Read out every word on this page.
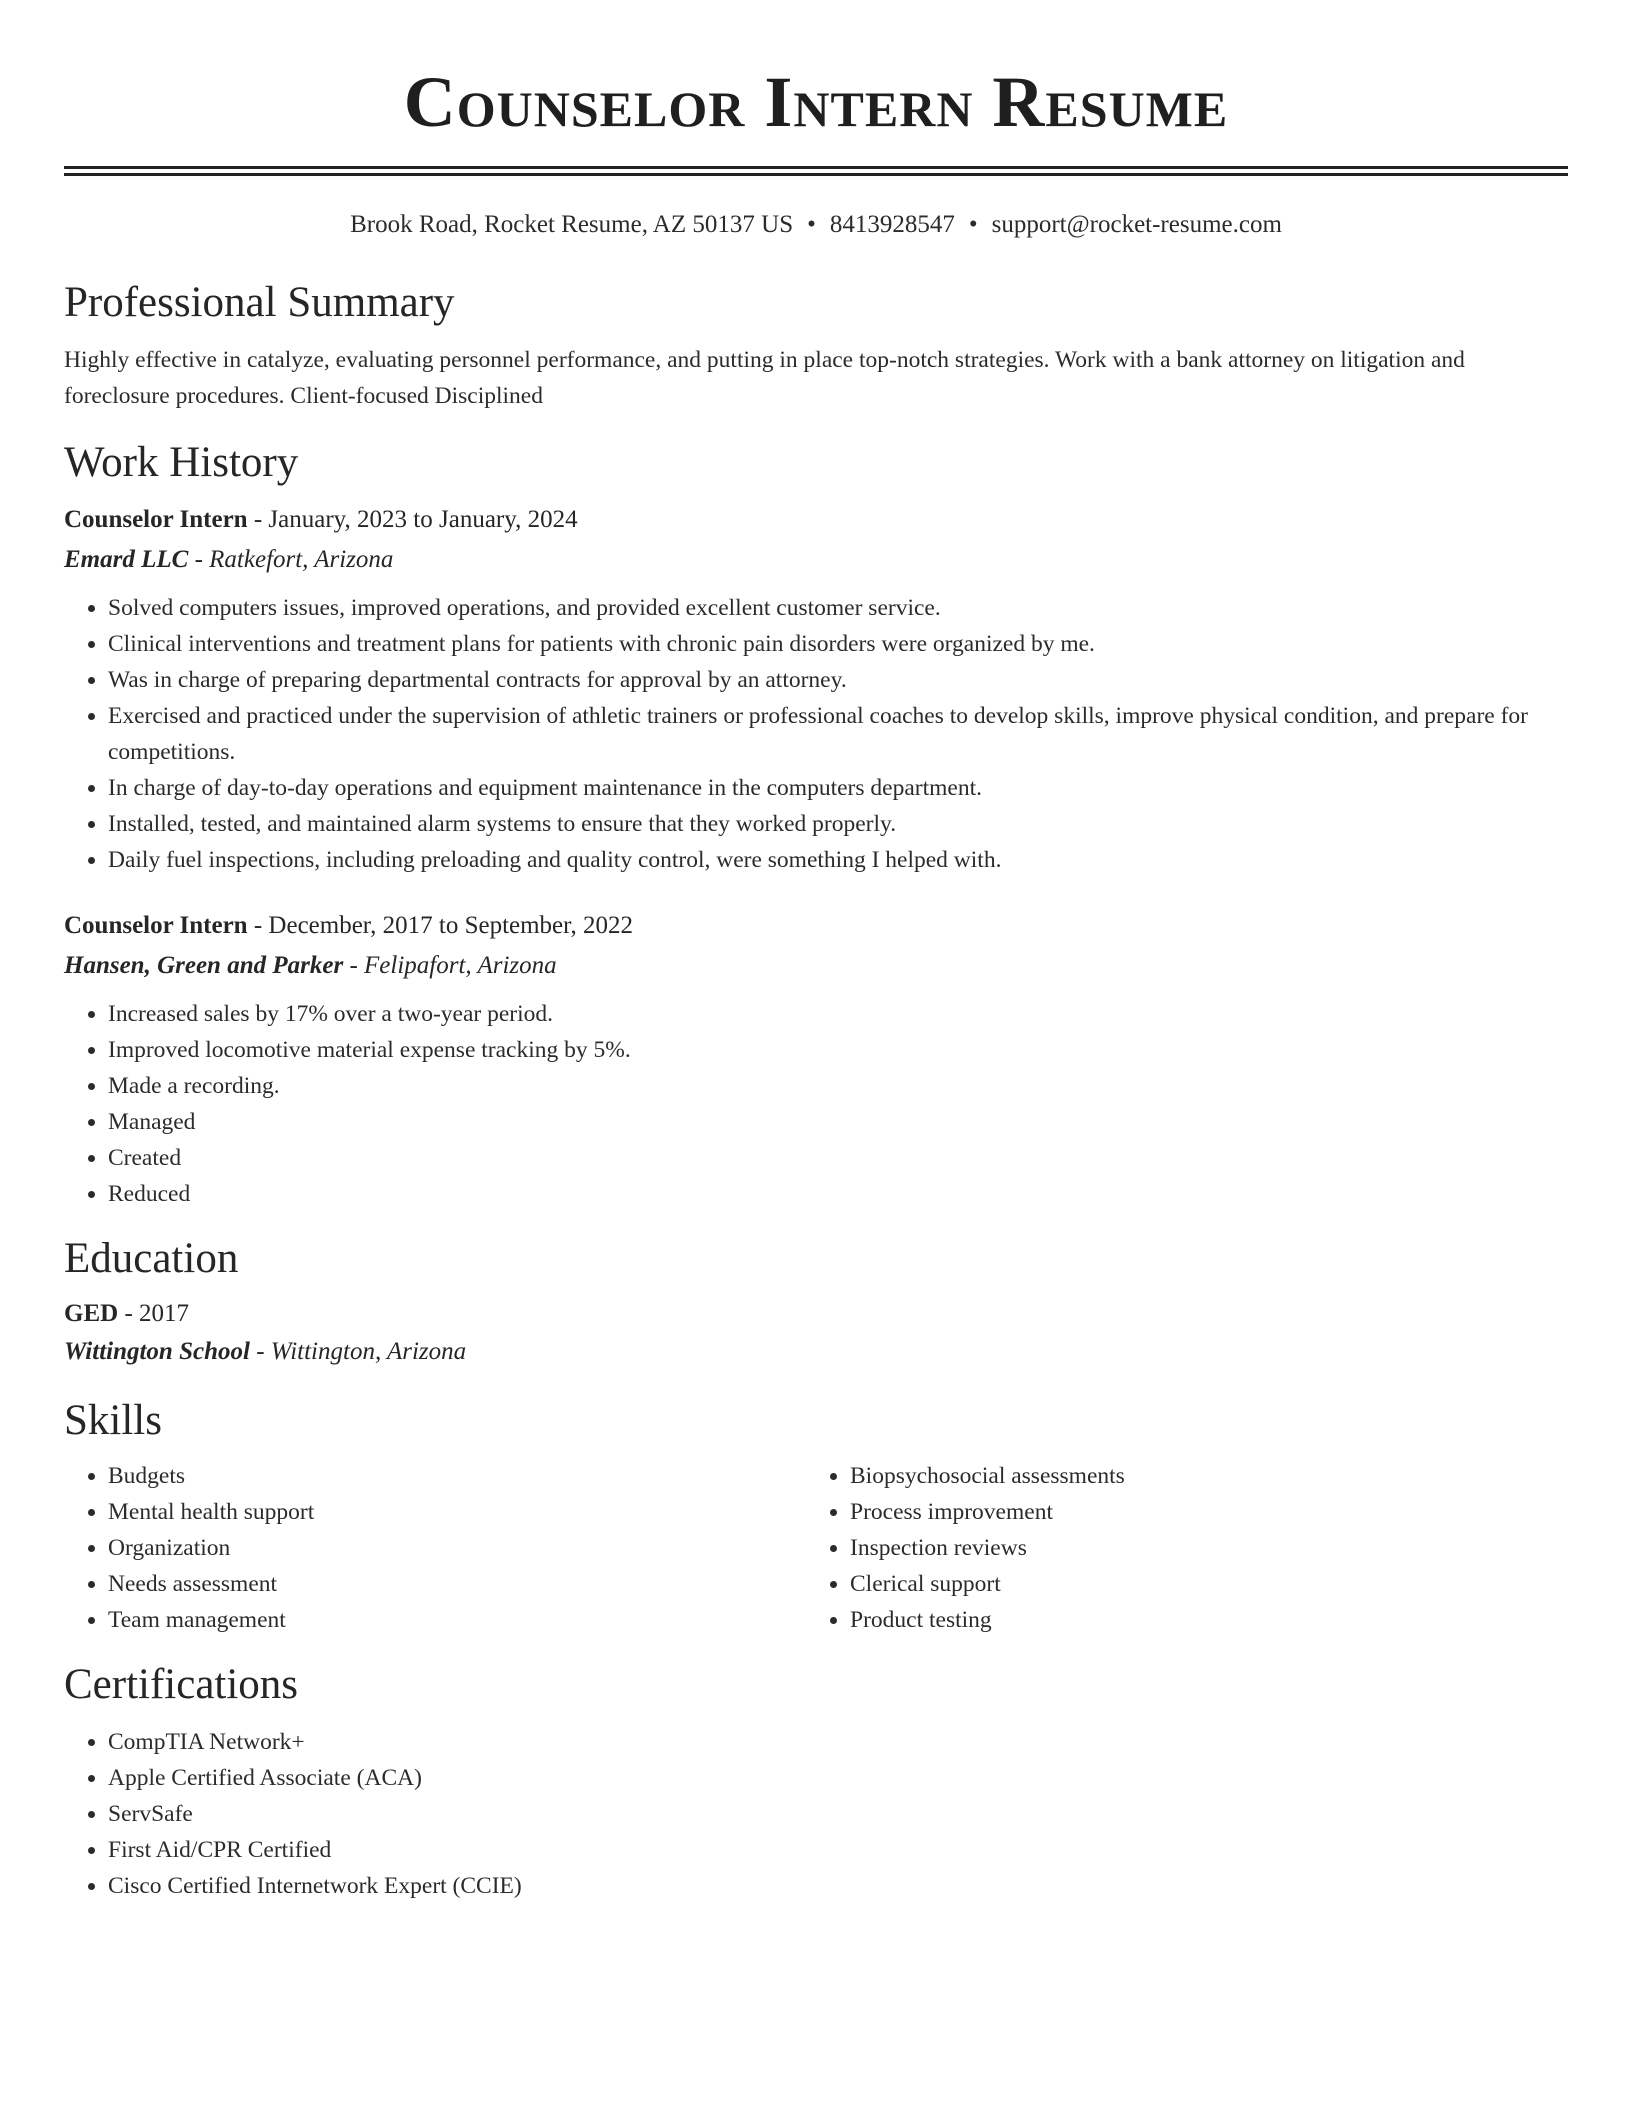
Counselor Intern Resume
Brook Road, Rocket Resume, AZ 50137 US • 8413928547 • support@rocket-resume.com
Professional Summary

Highly effective in catalyze, evaluating personnel performance, and putting in place top-notch strategies. Work with a bank attorney on litigation and foreclosure procedures. Client-focused Disciplined

Work History

Counselor Intern - January, 2023 to January, 2024

Emard LLC - Ratkefort, Arizona

• Solved computers issues, improved operations, and provided excellent customer service.
• Clinical interventions and treatment plans for patients with chronic pain disorders were organized by me.
• Was in charge of preparing departmental contracts for approval by an attorney.
• Exercised and practiced under the supervision of athletic trainers or professional coaches to develop skills, improve physical condition, and prepare for competitions.
• In charge of day-to-day operations and equipment maintenance in the computers department.
• Installed, tested, and maintained alarm systems to ensure that they worked properly.
• Daily fuel inspections, including preloading and quality control, were something I helped with.

Counselor Intern - December, 2017 to September, 2022

Hansen, Green and Parker - Felipafort, Arizona

• Increased sales by 17% over a two-year period.
• Improved locomotive material expense tracking by 5%.
• Made a recording.
• Managed
• Created
• Reduced
Education

GED - 2017

Wittington School - Wittington, Arizona

Skills
• Budgets
• Mental health support
• Organization
• Needs assessment
• Team management
• Biopsychosocial assessments
• Process improvement
• Inspection reviews
• Clerical support
• Product testing
Certifications
• CompTIA Network+
• Apple Certified Associate (ACA)
• ServSafe
• First Aid/CPR Certified
• Cisco Certified Internetwork Expert (CCIE)
